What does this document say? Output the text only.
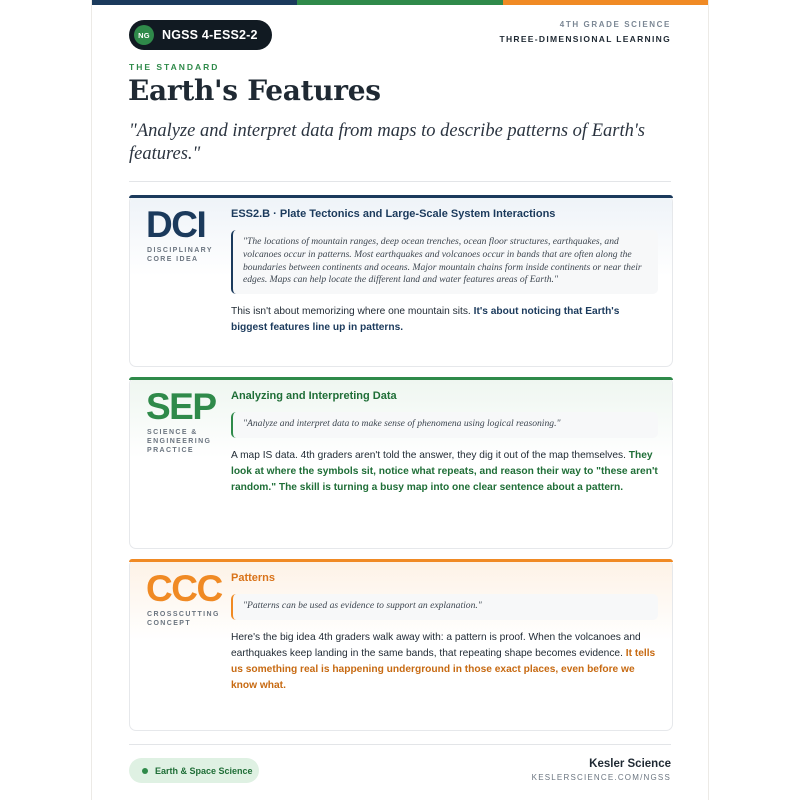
NG NGSS 4-ESS2-2
4TH GRADE SCIENCE
THREE-DIMENSIONAL LEARNING
THE STANDARD
Earth's Features
"Analyze and interpret data from maps to describe patterns of Earth's features."
DCI
DISCIPLINARY CORE IDEA
ESS2.B · Plate Tectonics and Large-Scale System Interactions
"The locations of mountain ranges, deep ocean trenches, ocean floor structures, earthquakes, and volcanoes occur in patterns. Most earthquakes and volcanoes occur in bands that are often along the boundaries between continents and oceans. Major mountain chains form inside continents or near their edges. Maps can help locate the different land and water features areas of Earth."
This isn't about memorizing where one mountain sits. It's about noticing that Earth's biggest features line up in patterns.
SEP
SCIENCE & ENGINEERING PRACTICE
Analyzing and Interpreting Data
"Analyze and interpret data to make sense of phenomena using logical reasoning."
A map IS data. 4th graders aren't told the answer, they dig it out of the map themselves. They look at where the symbols sit, notice what repeats, and reason their way to "these aren't random." The skill is turning a busy map into one clear sentence about a pattern.
CCC
CROSSCUTTING CONCEPT
Patterns
"Patterns can be used as evidence to support an explanation."
Here's the big idea 4th graders walk away with: a pattern is proof. When the volcanoes and earthquakes keep landing in the same bands, that repeating shape becomes evidence. It tells us something real is happening underground in those exact places, even before we know what.
Earth & Space Science
Kesler Science
KESLERSCIENCE.COM/NGSS
